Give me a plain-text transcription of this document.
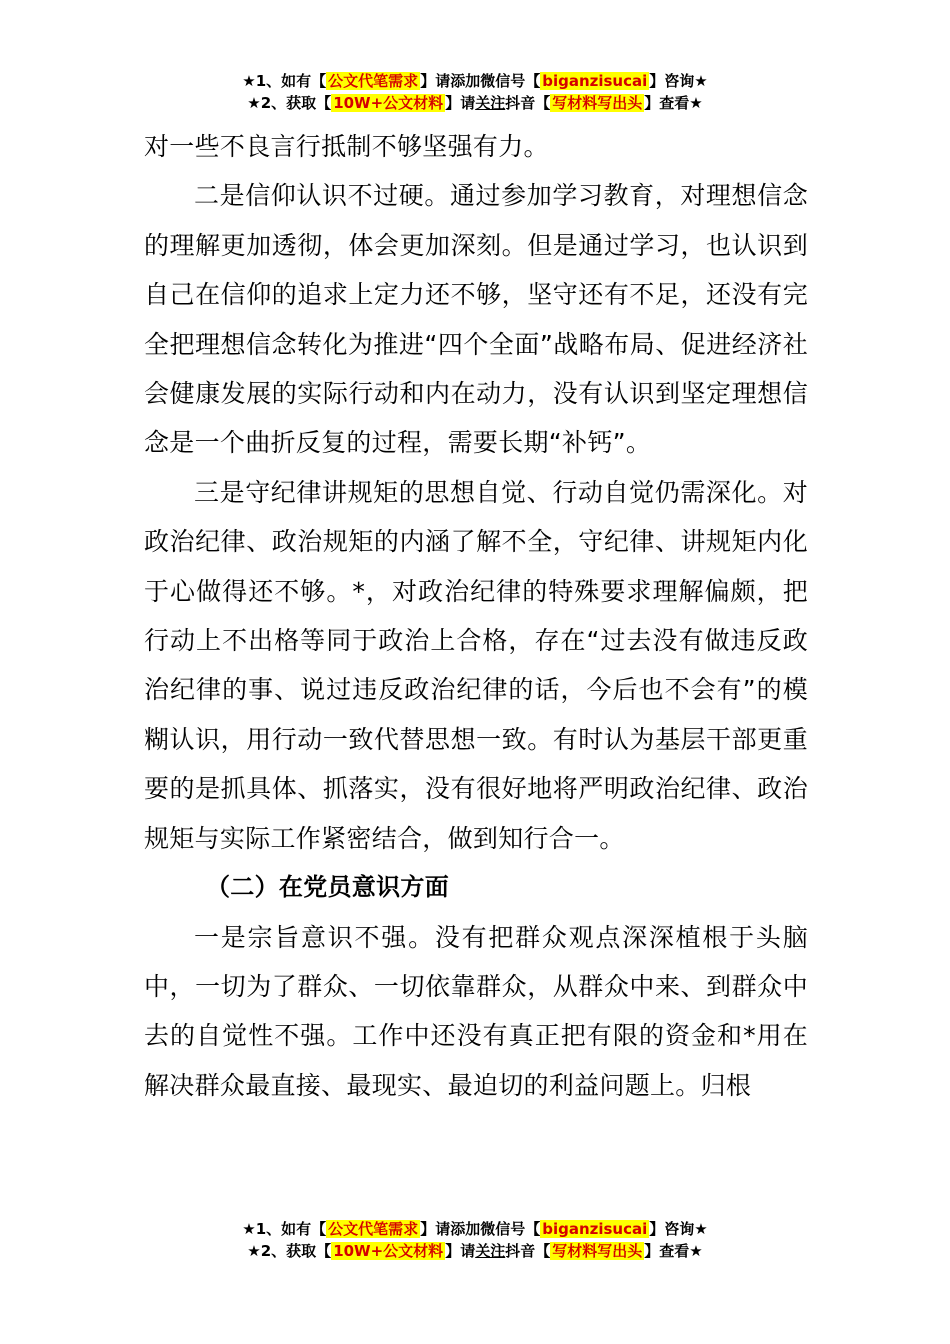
★1、如有【 公文代笔需求 】请添加微信号【 biganzisucai 】咨询★
★2、获取【 10W+公文材料 】请关注抖音【 写材料写出头 】查看★

对一些不良言行抵制不够坚强有力。

二是信仰认识不过硬。通过参加学习教育，对理想信念的理解更加透彻，体会更加深刻。但是通过学习，也认识到自己在信仰的追求上定力还不够，坚守还有不足，还没有完全把理想信念转化为推进“四个全面”战略布局、促进经济社会健康发展的实际行动和内在动力，没有认识到坚定理想信念是一个曲折反复的过程，需要长期“补钙”。

三是守纪律讲规矩的思想自觉、行动自觉仍需深化。对政治纪律、政治规矩的内涵了解不全，守纪律、讲规矩内化于心做得还不够。*，对政治纪律的特殊要求理解偏颇，把行动上不出格等同于政治上合格，存在“过去没有做违反政治纪律的事、说过违反政治纪律的话，今后也不会有”的模糊认识，用行动一致代替思想一致。有时认为基层干部更重要的是抓具体、抓落实，没有很好地将严明政治纪律、政治规矩与实际工作紧密结合，做到知行合一。

（二）在党员意识方面

一是宗旨意识不强。没有把群众观点深深植根于头脑中，一切为了群众、一切依靠群众，从群众中来、到群众中去的自觉性不强。工作中还没有真正把有限的资金和*用在解决群众最直接、最现实、最迫切的利益问题上。归根

★1、如有【 公文代笔需求 】请添加微信号【 biganzisucai 】咨询★
★2、获取【 10W+公文材料 】请关注抖音【 写材料写出头 】查看★
